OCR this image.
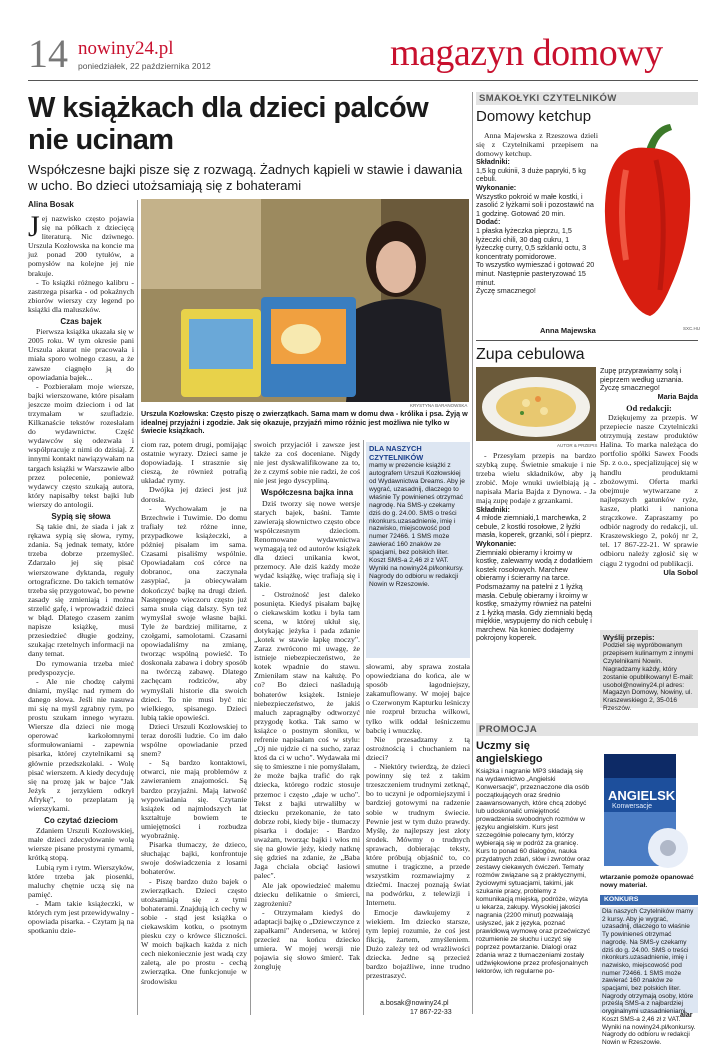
14 nowiny24.pl
poniedziałek, 22 października 2012	magazyn domowy
W książkach dla dzieci palców nie ucinam
Współczesne bajki pisze się z rozwagą. Żadnych kąpieli w stawie i dawania w ucho. Bo dzieci utożsamiają się z bohaterami
Alina Bosak
KRYSTYNA BARANOWSKA
Urszula Kozłowska: Często piszę o zwierzątkach. Sama mam w domu dwa - królika i psa. Żyją w idealnej przyjaźni i zgodzie. Jak się okazuje, przyjaźń mimo różnic jest możliwa nie tylko w świecie książkach.

Jej nazwisko często pojawia się na półkach z dziecięcą literaturą. Nic dziwnego. Urszula Kozłowska na koncie ma już ponad 200 tytułów, a pomysłów na kolejne jej nie brakuje.

- To książki różnego kalibru - zastrzega pisarka - od pokaźnych zbiorów wierszy czy legend po książki dla maluszków.

Czas bajek

Pierwsza książka ukazała się w 2005 roku. W tym okresie pani Urszula akurat nie pracowała i miała sporo wolnego czasu, a że zawsze ciągnęło ją do opowiadania bajek...

- Pozbierałam moje wiersze, bajki wierszowane, które pisałam jeszcze moim dzieciom i od lat trzymałam w szufladzie. Kilkanaście tekstów rozesłałam do wydawnictw. Część wydawców się odezwała i współpracuję z nimi do dzisiaj. Z innymi kontakt nawiązywałam na targach książki w Warszawie albo przez polecenie, ponieważ wydawcy często szukają autora, który napisałby tekst bajki lub wierszy do antologii.

Sypią się słowa

Są takie dni, że siada i jak z rękawa sypią się słowa, rymy, zdania. Są jednak tematy, które trzeba dobrze przemyśleć. Zdarzało jej się pisać wierszowane dyktanda, reguły ortograficzne. Do takich tematów trzeba się przygotować, bo pewne zasady się zmieniają i można strzelić gafę, i wprowadzić dzieci w błąd. Dlatego czasem zanim napisze książkę, musi przesiedzieć długie godziny, szukając rzetelnych informacji na dany temat.

Do rymowania trzeba mieć predyspozycje.

- Ale nie chodzę całymi dniami, myśląc nad rymem do danego słowa. Jeśli nie nasuwa mi się na myśl zgrabny rym, po prostu szukam innego wyrazu. Wiersze dla dzieci nie mogą operować karkołomnymi sformułowaniami - zapewnia pisarka, której czytelnikami są głównie przedszkolaki. - Wolę pisać wierszem. A kiedy decyduję się na prozę jak w bajce "Jak Jeżyk z jerzykiem odkrył Afrykę", to przeplatam ją wierszykami.

Co czytać dzieciom

Zdaniem Urszuli Kozłowskiej, małe dzieci zdecydowanie wolą wiersze pisane prostymi rymami, krótką stopą.

Lubią rym i rytm. Wierszyków, które trzeba jak piosenki, maluchy chętnie uczą się na pamięć.

- Mam takie książeczki, w których rym jest przewidywalny - opowiada pisarka. - Czytam ją na spotkaniu dzie-

ciom raz, potem drugi, pomijając ostatnie wyrazy. Dzieci same je dopowiadają. I strasznie się cieszą, że również potrafią układać rymy.

Dwójka jej dzieci jest już dorosła.

- Wychowałam je na Brzechwie i Tuwimie. Do domu trafiały też różne inne, przypadkowe książeczki, a później pisałam im sama. Czasami pisaliśmy wspólnie. Opowiadałam coś córce na dobranoc, ona zaczynała zasypiać, ja obiecywałam dokończyć bajkę na drugi dzień. Następnego wieczoru często już sama snuła ciąg dalszy. Syn też wymyślał swoje własne bajki. Tyle że bardziej militarne, z czołgami, samolotami. Czasami opowiadaliśmy na zmianę, tworząc wspólną powieść. To doskonała zabawa i dobry sposób na twórczą zabawę. Dlatego zachęcam rodziców, aby wymyślali historie dla swoich dzieci. To nie musi być nic wielkiego, spisanego. Dzieci lubią takie opowieści.

Dzieci Urszuli Kozłowskiej to teraz dorośli ludzie. Co im dało wspólne opowiadanie przed snem?

- Są bardzo kontaktowi, otwarci, nie mają problemów z zawieraniem znajomości. Są bardzo przyjaźni. Mają łatwość wypowiadania się. Czytanie książek od najmłodszych lat kształtuje bowiem te umiejętności i rozbudza wyobraźnię.

Pisarka tłumaczy, że dzieco, słuchając bajki, konfrontuje swoje doświadczenia z losami bohaterów.

- Piszę bardzo dużo bajek o zwierzątkach. Dzieci często utożsamiają się z tymi bohaterami. Znajdują ich cechy w sobie - stąd jest książka o ciekawskim kotku, o psotnym piesku czy o krówce śliczności. W moich bajkach każda z nich cech niekoniecznie jest wadą czy zaletą, ale po prostu - cechą zwierzątka. One funkcjonuje w środowisku

swoich przyjaciół i zawsze jest także za coś doceniane. Nigdy nie jest dyskwalifikowane za to, że z czymś sobie nie radzi, że coś nie jest jego dyscypliną.

Współczesna bajka inna

Dziś tworzy się nowe wersje starych bajek, baśni. Tamte zawierają słownictwo często obce współczesnym dzieciom. Renomowane wydawnictwa wymagają też od autorów książek dla dzieci unikania kwot, przemocy. Ale dziś każdy może wydać książkę, więc trafiają się i takie.

- Ostrożność jest daleko posunięta. Kiedyś pisałam bajkę o ciekawskim kotku i była tam scena, w której ukłuł się, dotykając jeżyka i pada zdanie „kotek w stawie łapkę moczy". Zaraz zwrócono mi uwagę, że istnieje niebezpieczeństwo, że kotek wpadnie do stawu. Zmieniłam staw na kałużę. Po co? Bo dzieci naśladują bohaterów książek. Istnieje niebezpieczeństwo, że jakiś maluch zapragnąłby odtworzyć przygodę kotka. Tak samo w książce o postnym słoniku, w refrenie napisałam coś w stylu: „Oj nie ujdzie ci na sucho, zaraz ktoś da ci w ucho". Wydawała mi się to śmieszne i nie pomyślałam, że może bajka trafić do rąk dziecka, którego rodzic stosuje przemoc i często „daje w ucho". Tekst z bajki utrwaliłby w dziecku przekonanie, że tato dobrze robi, kiedy bije - tłumaczy pisarka i dodaje: - Bardzo uważam, tworząc bajki i włos mi się na głowie jeży, kiedy natknę się gdzieś na zdanie, że „Baba Jaga chciała obciąć łasiowi palec".

Ale jak opowiedzieć małemu dziecku delikatnie o śmierci, zagrożeniu?

- Otrzymałam kiedyś do adaptacji bajkę o „Dziewczynce z zapałkami" Andersena, w której przecież na końcu dziecko umiera. W mojej wersji nie pojawia się słowo śmierć. Tak żongluję

DLA NASZYCH CZYTELNIKÓW
mamy w prezencie książki z autografem Urszuli Kozłowskiej od Wydawnictwa Dreams. Aby je wygrać, uzasadnij, dlaczego to właśnie Ty powinieneś otrzymać nagrodę. Na SMS-y czekamy dziś do g. 24.00. SMS o treści nkonkurs.uzasadnienie, imię i nazwisko, miejscowość pod numer 72466. 1 SMS może zawierać 160 znaków ze spacjami, bez polskich liter. Koszt SMS-a 2,46 zł z VAT. Wyniki na nowiny24.pl/konkursy. Nagrody do odbioru w redakcji Nowin w Rzeszowie.

słowami, aby sprawa została opowiedziana do końca, ale w sposób łagodniejszy, zakamuflowany. W mojej bajce o Czerwonym Kapturku leśniczy nie rozpruł brzucha wilkowi, tylko wilk oddał leśniczemu babcię i wnuczkę.

Nie przesadzamy z tą ostrożnością i chuchaniem na dzieci?

- Niektóry twierdzą, że dzieci powinny się też z takim trzeszczeniem trudnymi zetknąć, bo to uczyni je odporniejszymi i bardziej gotowymi na radzenie sobie w trudnym świecie. Pewnie jest w tym dużo prawdy. Myślę, że najlepszy jest złoty środek. Mówmy o trudnych sprawach, dobierając teksty, które próbują objaśnić to, co smutne i tragiczne, a przede wszystkim rozmawiajmy z dziećmi. Inaczej poznają świat na podwórku, z telewizji i Internetu.

Emocje dawkujemy z wiekiem. Im dziecko starsze, tym lepiej rozumie, że coś jest fikcją, żartem, zmyśleniem. Dużo zależy też od wrażliwości dziecka. Jedne są przecież bardzo bojaźliwe, inne trudno przestraszyć.

a.bosak@nowiny24.pl
17 867-22-33
SMAKOŁYKI CZYTELNIKÓW
Domowy ketchup
Anna Majewska z Rzeszowa dzieli się z Czytelnikami przepisem na domowy ketchup.

Składniki:

1,5 kg cukinii, 3 duże papryki, 5 kg cebuli.

Wykonanie:

Wszystko pokroić w małe kostki, i zasolić 2 łyżkami soli i pozostawić na 1 godzinę. Gotować 20 min.

Dodać:

1 płaska łyżeczka pieprzu, 1,5 łyżeczki chili, 30 dag cukru, 1 łyżeczkę curry, 0,5 szklanki octu, 3 koncentraty pomidorowe.

To wszystko wymieszać i gotować 20 minut. Następnie pasteryzować 15 minut.

Życzę smacznego!

Anna Majewska	SXC.HU
Zupa cebulowa
AUTOR & PRZEPIS
- Przesyłam przepis na bardzo szybką zupę. Świetnie smakuje i nie trzeba wielu składników, aby ją zrobić. Moje wnuki uwielbiają ją - napisała Maria Bajda z Dynowa. - Ja mają zupę podaje z grzankami.

Składniki:

4 młode ziemniaki,1 marchewka, 2 cebule, 2 kostki rosołowe, 2 łyżki masła, koperek, grzanki, sól i pieprz.

Wykonanie:

Ziemniaki obieramy i kroimy w kostkę, zalewamy wodą z dodatkiem kostek rosołowych. Marchew obieramy i ścieramy na tarce. Podsmażamy na patelni z 1 łyżką masła. Cebulę obieramy i kroimy w kostkę, smażymy również na patelni z 1 łyżką masła. Gdy ziemniaki będą miękkie, wsypujemy do nich cebulę i marchew. Na koniec dodajemy pokrojony koperek.

Zupę przyprawiamy solą i pieprzem według uznania. Życzę smacznego!

Maria Bajda

Od redakcji:
Dziękujemy za przepis. W przepiecie nasze Czytelniczki otrzymują zestaw produktów Halina. To marka należąca do portfolio spółki Sawex Foods Sp. z o.o., specjalizującej się w handlu produktami zbożowymi. Oferta marki obejmuje wytwarzane z najlepszych gatunków ryże, kasze, płatki i naniona strączkowe. Zapraszamy po odbiór nagrody do redakcji, ul. Kraszewskiego 2, pokój nr 2, tel. 17 867-22-21. W sprawie odbioru należy zgłosić się w ciągu 2 tygodni od publikacji.
Ula Sobol
Wyślij przepis:
Podziel się wypróbowanym przepisem kulinarnym z innymi Czytelnikami Nowin. Nagradzamy każdy, który zostanie opublikowany! E-mail: usobol@nowiny24.pl adres: Magazyn Domowy, Nowiny, ul. Kraszewskiego 2, 35-016 Rzeszów.
PROMOCJA
Uczmy się angielskiego
Książka i nagranie MP3 składają się na wydawnictwo „Angielski Konwersacje", przeznaczone dla osób początkujących oraz średnio zaawansowanych, które chcą zdobyć lub udoskonalić umiejętność prowadzenia swobodnych rozmów w języku angielskim. Kurs jest szczególnie polecany tym, którzy wybierają się w podróż za granicę. Kurs to ponad 60 dialogów, nauka przydatnych zdań, słów i zwrotów oraz zestawy ciekawych ćwiczeń. Tematy rozmów związane są z praktycznymi, życiowymi sytuacjami, takimi, jak szukanie pracy, problemy z komunikacją miejską, podróże, wizyta u lekarza, zakupy. Wysokiej jakości nagrania (2200 minut) pozwalają usłyszeć, jak z języka, poznać prawidłową wymowę oraz przećwiczyć rozumienie ze słuchu i uczyć się poprzez powtarzanie. Dialogi oraz zdania wraz z tłumaczeniami zostały udźwiękowione przez profesjonalnych lektorów, ich regularne po-
ANGIELSKI
Konwersacje
wtarzanie pomoże opanować nowy materiał.
KONKURS
Dla naszych Czytelników mamy 2 kursy. Aby je wygrać, uzasadnij, dlaczego to właśnie Ty powinieneś otrzymać nagrodę. Na SMS-y czekamy dziś do g. 24.00. SMS o treści nkonkurs.uzasadnienie, imię i nazwisko, miejscowość pod numer 72466. 1 SMS może zawierać 160 znaków ze spacjami, bez polskich liter. Nagrody otrzymają osoby, które prześlą SMS-a z najbardziej oryginalnymi uzasadnieniami. Koszt SMS-a 2,46 zł z VAT. Wyniki na nowiny24.pl/konkursy. Nagrody do odbioru w redakcji Nowin w Rzeszowie.
alar
